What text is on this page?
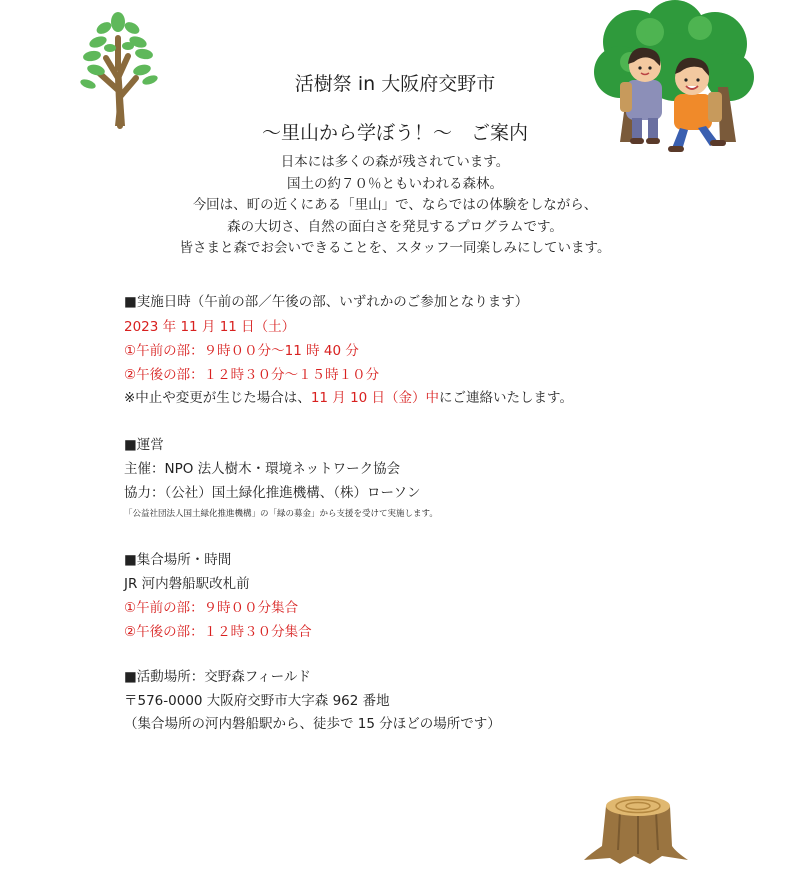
活樹祭 in 大阪府交野市
～里山から学ぼう！～　ご案内
日本には多くの森が残されています。
国土の約７０％ともいわれる森林。
今回は、町の近くにある「里山」で、ならではの体験をしながら、
森の大切さ、自然の面白さを発見するプログラムです。
皆さまと森でお会いできることを、スタッフ一同楽しみにしています。
■実施日時（午前の部／午後の部、いずれかのご参加となります）
2023 年 11 月 11 日（土）
①午前の部：９時００分～11 時 40 分
②午後の部：１２時３０分～１５時１０分
※中止や変更が生じた場合は、11 月 10 日（金）中にご連絡いたします。
■運営
主催：NPO 法人樹木・環境ネットワーク協会
協力：（公社）国土緑化推進機構、（株）ローソン
「公益社団法人国土緑化推進機構」の「緑の募金」から支援を受けて実施します。
■集合場所・時間
JR 河内磐船駅改札前
①午前の部：９時００分集合
②午後の部：１２時３０分集合
■活動場所：交野森フィールド
〒576-0000 大阪府交野市大字森 962 番地
（集合場所の河内磐船駅から、徒歩で 15 分ほどの場所です）
